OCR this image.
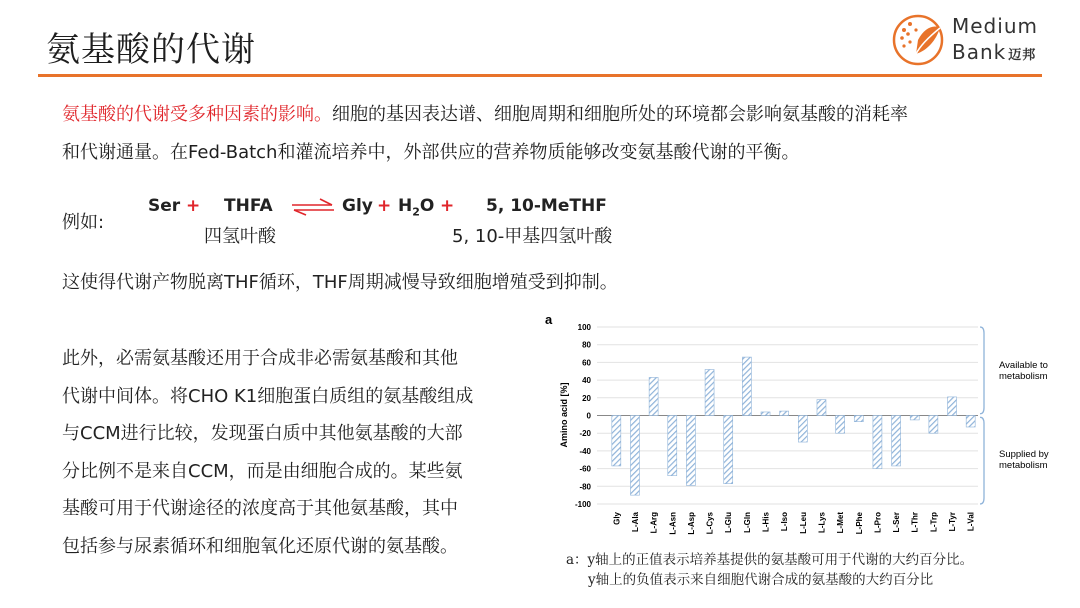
氨基酸的代谢
Medium
Bank 迈邦
氨基酸的代谢受多种因素的影响。细胞的基因表达谱、细胞周期和细胞所处的环境都会影响氨基酸的消耗率
和代谢通量。在Fed-Batch和灌流培养中，外部供应的营养物质能够改变氨基酸代谢的平衡。
例如:
Ser + THFA ⇌ Gly + $H_2O + 5$, 10-MeTHF
四氢叶酸	5, 10-甲基四氢叶酸
这使得代谢产物脱离THF循环，THF周期减慢导致细胞增殖受到抑制。
此外，必需氨基酸还用于合成非必需氨基酸和其他
代谢中间体。将CHO K1细胞蛋白质组的氨基酸组成
与CCM进行比较，发现蛋白质中其他氨基酸的大部
分比例不是来自CCM，而是由细胞合成的。某些氨
基酸可用于代谢途径的浓度高于其他氨基酸，其中
包括参与尿素循环和细胞氧化还原代谢的氨基酸。
a
Amino acid [%]
100
80
60
40
20
0
-20
-40
-60
-80
-100
Gly L-Ala L-Arg L-Asn L-Asp L-Cys L-Glu L-Gln L-His L-Iso L-Leu L-Lys L-Met L-Phe L-Pro L-Ser L-Thr L-Trp L-Tyr L-Val
Available to
metabolism
Supplied by
metabolism
a：y轴上的正值表示培养基提供的氨基酸可用于代谢的大约百分比。
y轴上的负值表示来自细胞代谢合成的氨基酸的大约百分比
